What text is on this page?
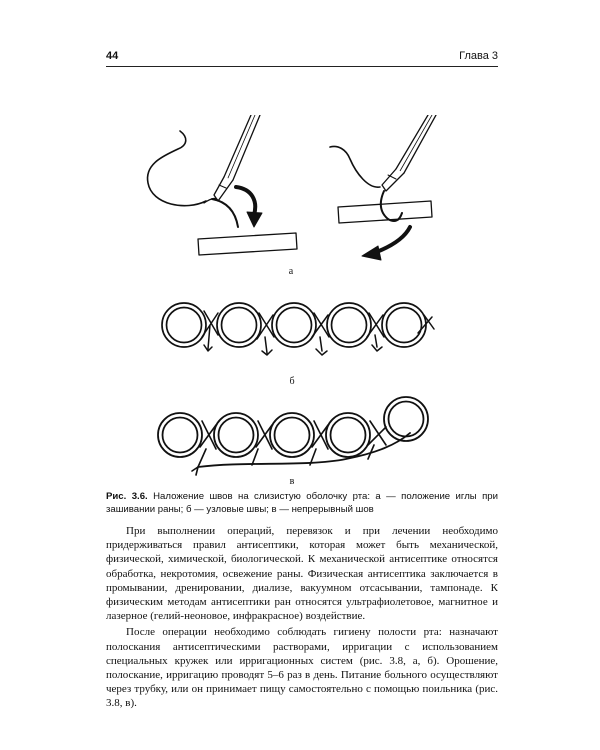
44	Глава 3
а
б
в
Рис. 3.6. Наложение швов на слизистую оболочку рта: а — положение иглы при зашивании раны; б — узловые швы; в — непрерывный шов

При выполнении операций, перевязок и при лечении необходимо придерживаться правил антисептики, которая может быть механической, физической, химической, биологической. К механической антисептике относятся обработка, некротомия, освежение раны. Физическая антисептика заключается в промывании, дренировании, диализе, вакуумном отсасывании, тампонаде. К физическим методам антисептики ран относятся ультрафиолетовое, магнитное и лазерное (гелий-неоновое, инфракрасное) воздействие.

После операции необходимо соблюдать гигиену полости рта: назначают полоскания антисептическими растворами, ирригации с использованием специальных кружек или ирригационных систем (рис. 3.8, а, б). Орошение, полоскание, ирригацию проводят 5–6 раз в день. Питание больного осуществляют через трубку, или он принимает пищу самостоятельно с помощью поильника (рис. 3.8, в).
